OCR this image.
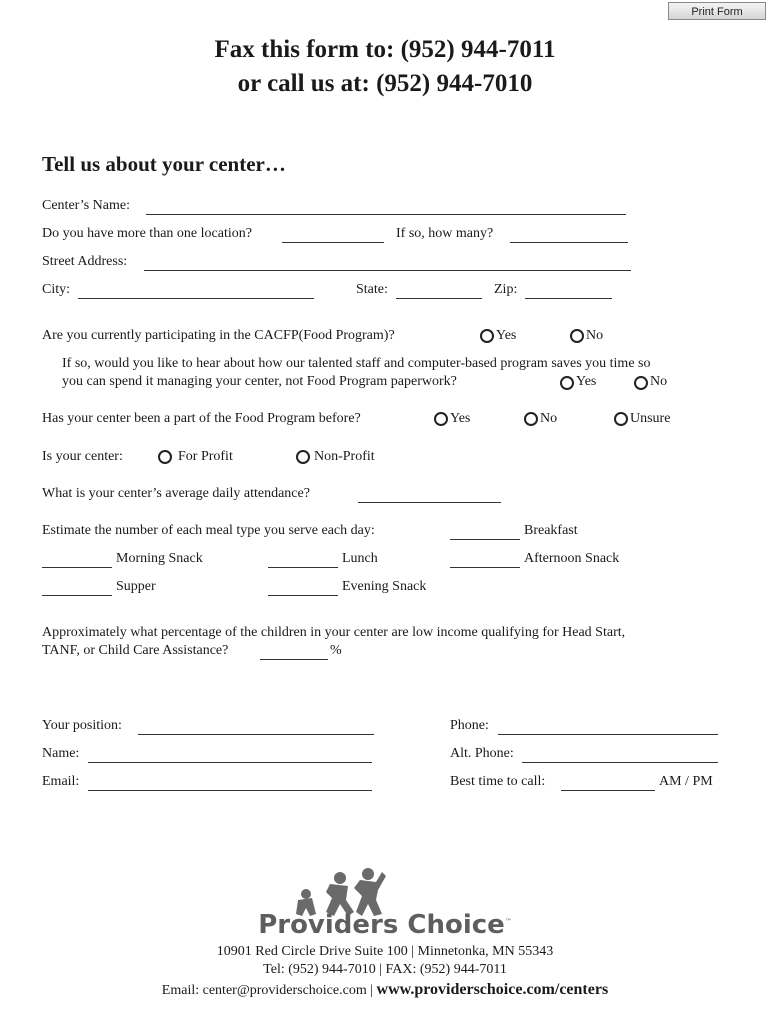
Print Form
Fax this form to: (952) 944-7011
or call us at: (952) 944-7010
Tell us about your center…
Center’s Name:
Do you have more than one location?	If so, how many?
Street Address:
City:	State:	Zip:
Are you currently participating in the CACFP(Food Program)?	Yes	No
If so, would you like to hear about how our talented staff and computer-based program saves you time so
you can spend it managing your center, not Food Program paperwork?	Yes	No
Has your center been a part of the Food Program before?	Yes	No	Unsure
Is your center:	For Profit	Non-Profit
What is your center’s average daily attendance?
Estimate the number of each meal type you serve each day:	Breakfast
Morning Snack	Lunch	Afternoon Snack
Supper	Evening Snack
Approximately what percentage of the children in your center are low income qualifying for Head Start,
TANF, or Child Care Assistance?	%
Your position:	Phone:
Name:	Alt. Phone:
Email:	Best time to call:	AM / PM
Providers Choice™
10901 Red Circle Drive Suite 100 | Minnetonka, MN 55343
Tel: (952) 944-7010 | FAX: (952) 944-7011
Email: center@providerschoice.com | www.providerschoice.com/centers
